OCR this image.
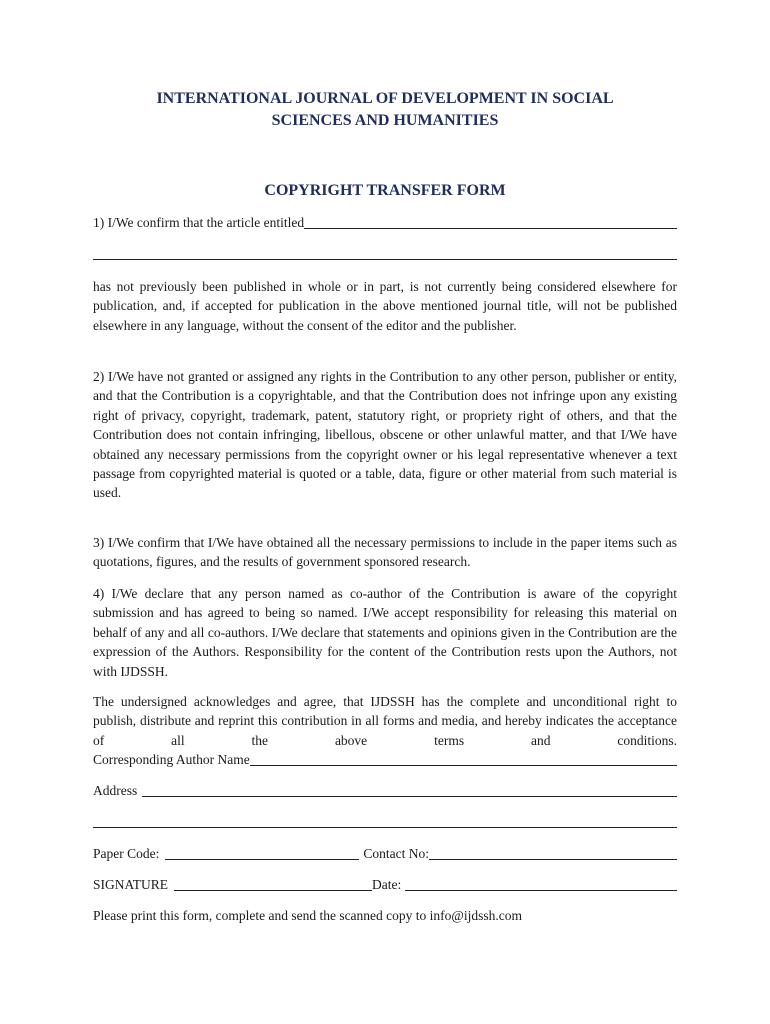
INTERNATIONAL JOURNAL OF DEVELOPMENT IN SOCIAL
SCIENCES AND HUMANITIES
COPYRIGHT TRANSFER FORM
1) I/We confirm that the article entitled

has not previously been published in whole or in part, is not currently being considered elsewhere for publication, and, if accepted for publication in the above mentioned journal title, will not be published elsewhere in any language, without the consent of the editor and the publisher.

2) I/We have not granted or assigned any rights in the Contribution to any other person, publisher or entity, and that the Contribution is a copyrightable, and that the Contribution does not infringe upon any existing right of privacy, copyright, trademark, patent, statutory right, or propriety right of others, and that the Contribution does not contain infringing, libellous, obscene or other unlawful matter, and that I/We have obtained any necessary permissions from the copyright owner or his legal representative whenever a text passage from copyrighted material is quoted or a table, data, figure or other material from such material is used.

3) I/We confirm that I/We have obtained all the necessary permissions to include in the paper items such as quotations, figures, and the results of government sponsored research.

4) I/We declare that any person named as co-author of the Contribution is aware of the copyright submission and has agreed to being so named. I/We accept responsibility for releasing this material on behalf of any and all co-authors. I/We declare that statements and opinions given in the Contribution are the expression of the Authors. Responsibility for the content of the Contribution rests upon the Authors, not with IJDSSH.

The undersigned acknowledges and agree, that IJDSSH has the complete and unconditional right to publish, distribute and reprint this contribution in all forms and media, and hereby indicates the acceptance of all the above terms and conditions.

Corresponding Author Name
Address
Paper Code:	Contact No:
SIGNATURE	Date:
Please print this form, complete and send the scanned copy to info@ijdssh.com
